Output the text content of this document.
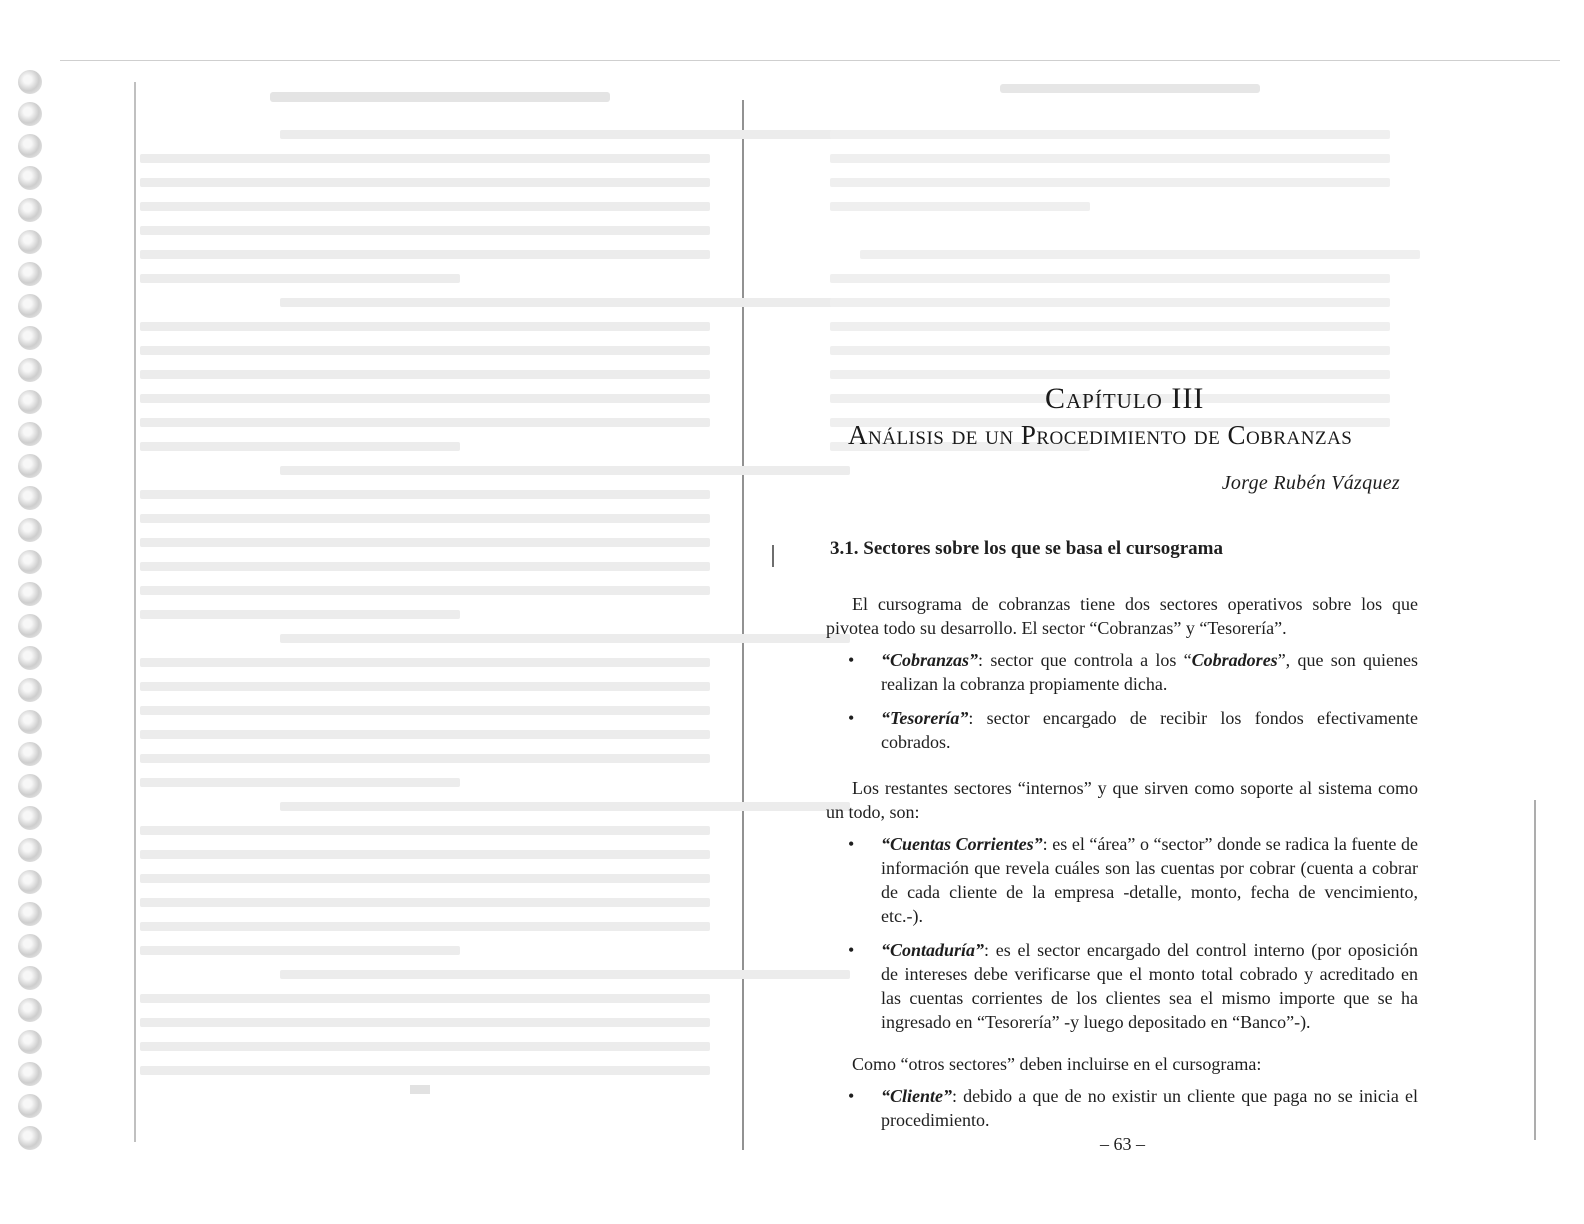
Capítulo III
Análisis de un Procedimiento de Cobranzas
Jorge Rubén Vázquez
3.1. Sectores sobre los que se basa el cursograma

El cursograma de cobranzas tiene dos sectores operativos sobre los que pivotea todo su desarrollo. El sector “Cobranzas” y “Tesorería”.

• “Cobranzas”: sector que controla a los “Cobradores”, que son quienes realizan la cobranza propiamente dicha.
• “Tesorería”: sector encargado de recibir los fondos efectivamente cobrados.

Los restantes sectores “internos” y que sirven como soporte al sistema como un todo, son:

• “Cuentas Corrientes”: es el “área” o “sector” donde se radica la fuente de información que revela cuáles son las cuentas por cobrar (cuenta a cobrar de cada cliente de la empresa -detalle, monto, fecha de vencimiento, etc.-).
• “Contaduría”: es el sector encargado del control interno (por oposición de intereses debe verificarse que el monto total cobrado y acreditado en las cuentas corrientes de los clientes sea el mismo importe que se ha ingresado en “Tesorería” -y luego depositado en “Banco”-).

Como “otros sectores” deben incluirse en el cursograma:

• “Cliente”: debido a que de no existir un cliente que paga no se inicia el procedimiento.
– 63 –
